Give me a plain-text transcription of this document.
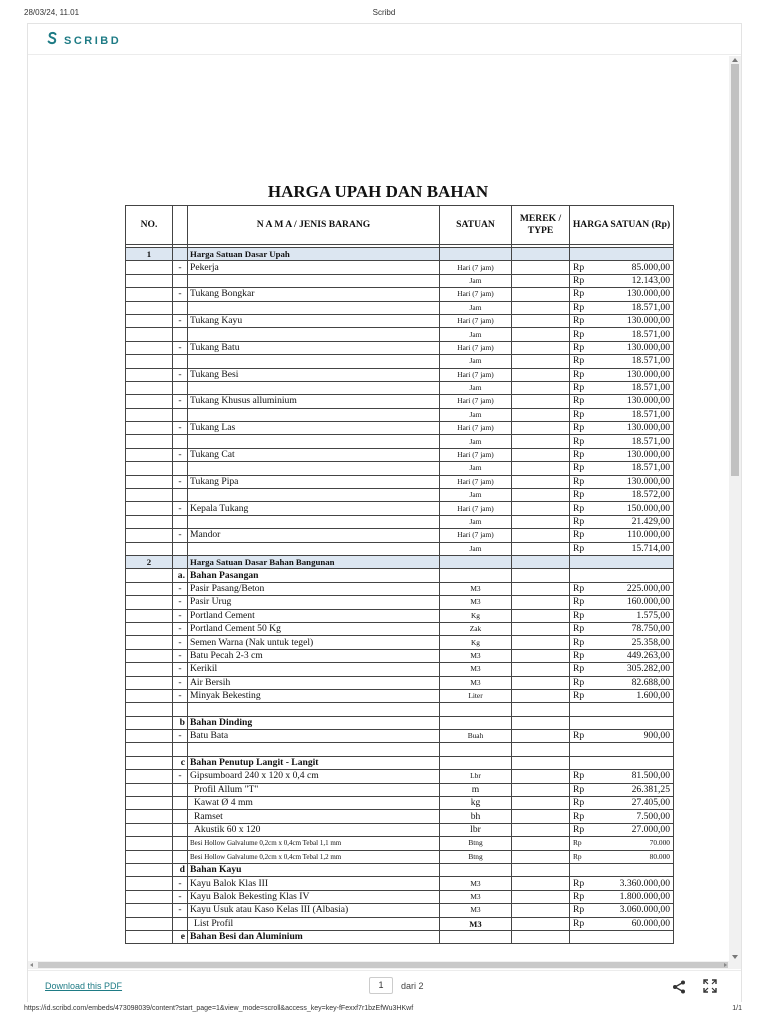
28/03/24, 11.01	Scribd
SCRIBD
HARGA UPAH DAN BAHAN
NO.		N A M A / JENIS BARANG	SATUAN	MEREK / TYPE	HARGA SATUAN (Rp)	

1		Harga Satuan Dasar Upah				
	-	Pekerja	Hari (7 jam)		Rp	85.000,00
			Jam		Rp	12.143,00
	-	Tukang Bongkar	Hari (7 jam)		Rp	130.000,00
			Jam		Rp	18.571,00
	-	Tukang Kayu	Hari (7 jam)		Rp	130.000,00
			Jam		Rp	18.571,00
	-	Tukang Batu	Hari (7 jam)		Rp	130.000,00
			Jam		Rp	18.571,00
	-	Tukang Besi	Hari (7 jam)		Rp	130.000,00
			Jam		Rp	18.571,00
	-	Tukang Khusus alluminium	Hari (7 jam)		Rp	130.000,00
			Jam		Rp	18.571,00
	-	Tukang Las	Hari (7 jam)		Rp	130.000,00
			Jam		Rp	18.571,00
	-	Tukang Cat	Hari (7 jam)		Rp	130.000,00
			Jam		Rp	18.571,00
	-	Tukang Pipa	Hari (7 jam)		Rp	130.000,00
			Jam		Rp	18.572,00
	-	Kepala Tukang	Hari (7 jam)		Rp	150.000,00
			Jam		Rp	21.429,00
	-	Mandor	Hari (7 jam)		Rp	110.000,00
			Jam		Rp	15.714,00
2		Harga Satuan Dasar Bahan Bangunan				
	a.	Bahan Pasangan				
	-	Pasir Pasang/Beton	M3		Rp	225.000,00
	-	Pasir Urug	M3		Rp	160.000,00
	-	Portland Cement	Kg		Rp	1.575,00
	-	Portland Cement 50 Kg	Zak		Rp	78.750,00
	-	Semen Warna (Nak untuk tegel)	Kg		Rp	25.358,00
	-	Batu Pecah 2-3 cm	M3		Rp	449.263,00
	-	Kerikil	M3		Rp	305.282,00
	-	Air Bersih	M3		Rp	82.688,00
	-	Minyak Bekesting	Liter		Rp	1.600,00

	b	Bahan Dinding				
	-	Batu Bata	Buah		Rp	900,00

	c	Bahan Penutup Langit - Langit				
	-	Gipsumboard 240 x 120 x 0,4 cm	Lbr		Rp	81.500,00
		Profil Allum "T"	m		Rp	26.381,25
		Kawat Ø 4 mm	kg		Rp	27.405,00
		Ramset	bh		Rp	7.500,00
		Akustik 60 x 120	lbr		Rp	27.000,00
		Besi Hollow Galvalume 0,2cm x 0,4cm Tebal 1,1 mm	Btng		Rp	70.000
		Besi Hollow Galvalume 0,2cm x 0,4cm Tebal 1,2 mm	Btng		Rp	80.000
	d	Bahan Kayu				
	-	Kayu Balok Klas III	M3		Rp	3.360.000,00
	-	Kayu Balok Bekesting Klas IV	M3		Rp	1.800.000,00
	-	Kayu Usuk atau Kaso Kelas III (Albasia)	M3		Rp	3.060.000,00
		List Profil	M3		Rp	60.000,00
	e	Bahan Besi dan Aluminium				
Download this PDF	1	dari 2
https://id.scribd.com/embeds/473098039/content?start_page=1&view_mode=scroll&access_key=key-fFexxf7r1bzEfWu3HKwf	1/1
